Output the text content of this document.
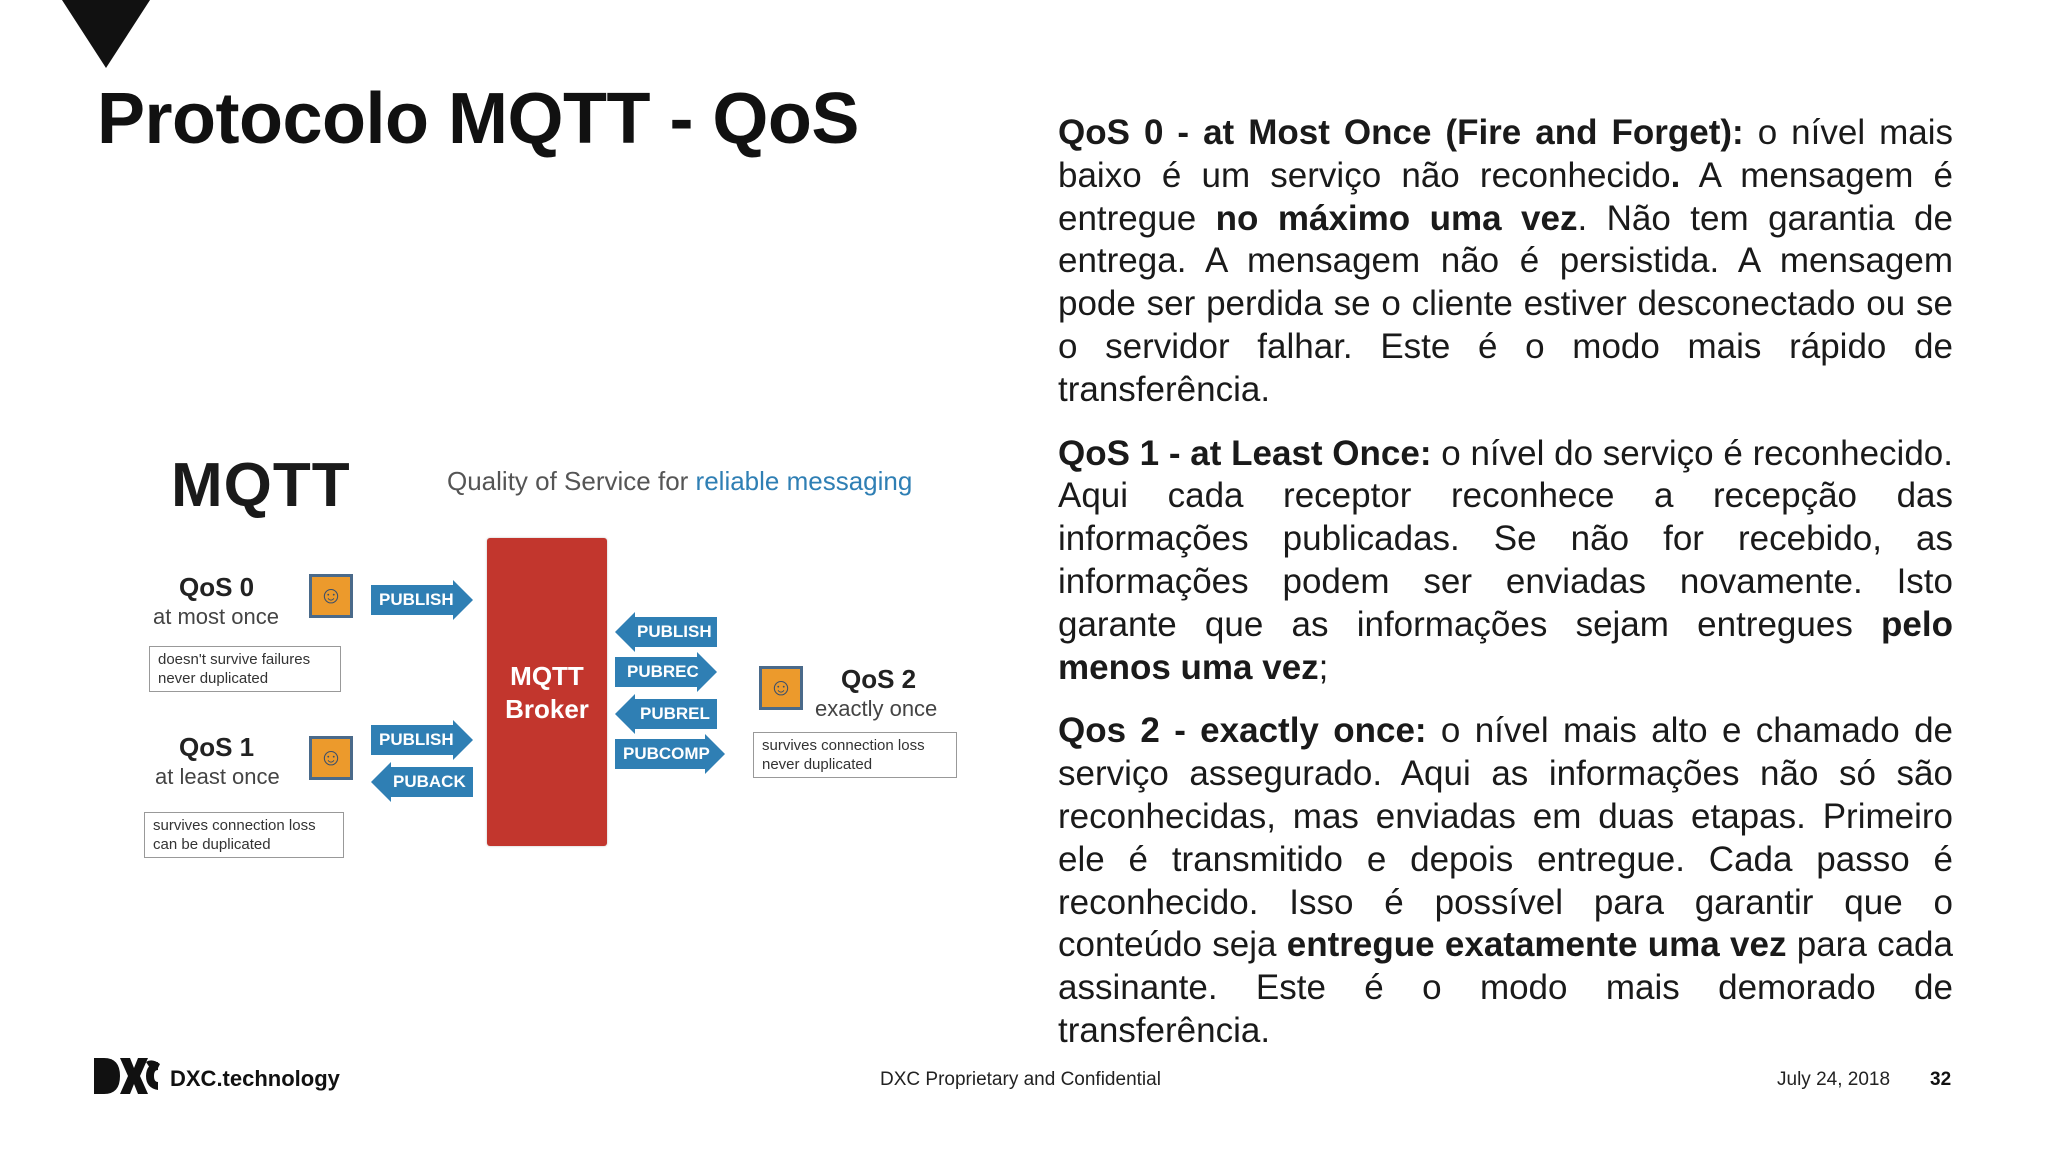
Protocolo MQTT - QoS
MQTT	Quality of Service for reliable messaging
MQTT
Broker
QoS 0
at most once
☺
doesn't survive failures
never duplicated
PUBLISH
QoS 1
at least once
☺
survives connection loss
can be duplicated
PUBLISH
PUBACK
PUBLISH
PUBREC
PUBREL
PUBCOMP
☺ QoS 2
exactly once
survives connection loss
never duplicated

QoS 0 - at Most Once (Fire and Forget): o nível mais baixo é um serviço não reconhecido. A mensagem é entregue no máximo uma vez. Não tem garantia de entrega. A mensagem não é persistida. A mensagem pode ser perdida se o cliente estiver desconectado ou se o servidor falhar. Este é o modo mais rápido de transferência.

QoS 1 - at Least Once: o nível do serviço é reconhecido. Aqui cada receptor reconhece a recepção das informações publicadas. Se não for recebido, as informações podem ser enviadas novamente. Isto garante que as informações sejam entregues pelo menos uma vez;

Qos 2 - exactly once: o nível mais alto e chamado de serviço assegurado. Aqui as informações não só são reconhecidas, mas enviadas em duas etapas. Primeiro ele é transmitido e depois entregue. Cada passo é reconhecido. Isso é possível para garantir que o conteúdo seja entregue exatamente uma vez para cada assinante. Este é o modo mais demorado de transferência.

DXC.technology	DXC Proprietary and Confidential	July 24, 2018 32
